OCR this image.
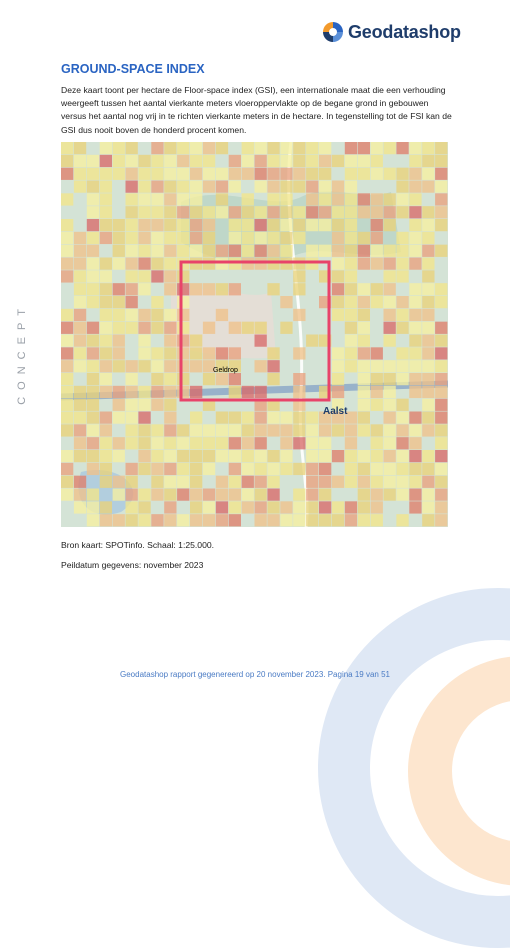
Geodatashop
GROUND-SPACE INDEX
Deze kaart toont per hectare de Floor-space index (GSI), een internationale maat die een verhouding weergeeft tussen het aantal vierkante meters vloeroppervlakte op de begane grond in gebouwen versus het aantal nog vrij in te richten vierkante meters in de hectare. In tegenstelling tot de FSI kan de GSI dus nooit boven de honderd procent komen.
Aalst
Geldrop
Bron kaart: SPOTinfo. Schaal: 1:25.000.
Peildatum gegevens: november 2023
CONCEPT
Geodatashop rapport gegenereerd op 20 november 2023. Pagina 19 van 51
